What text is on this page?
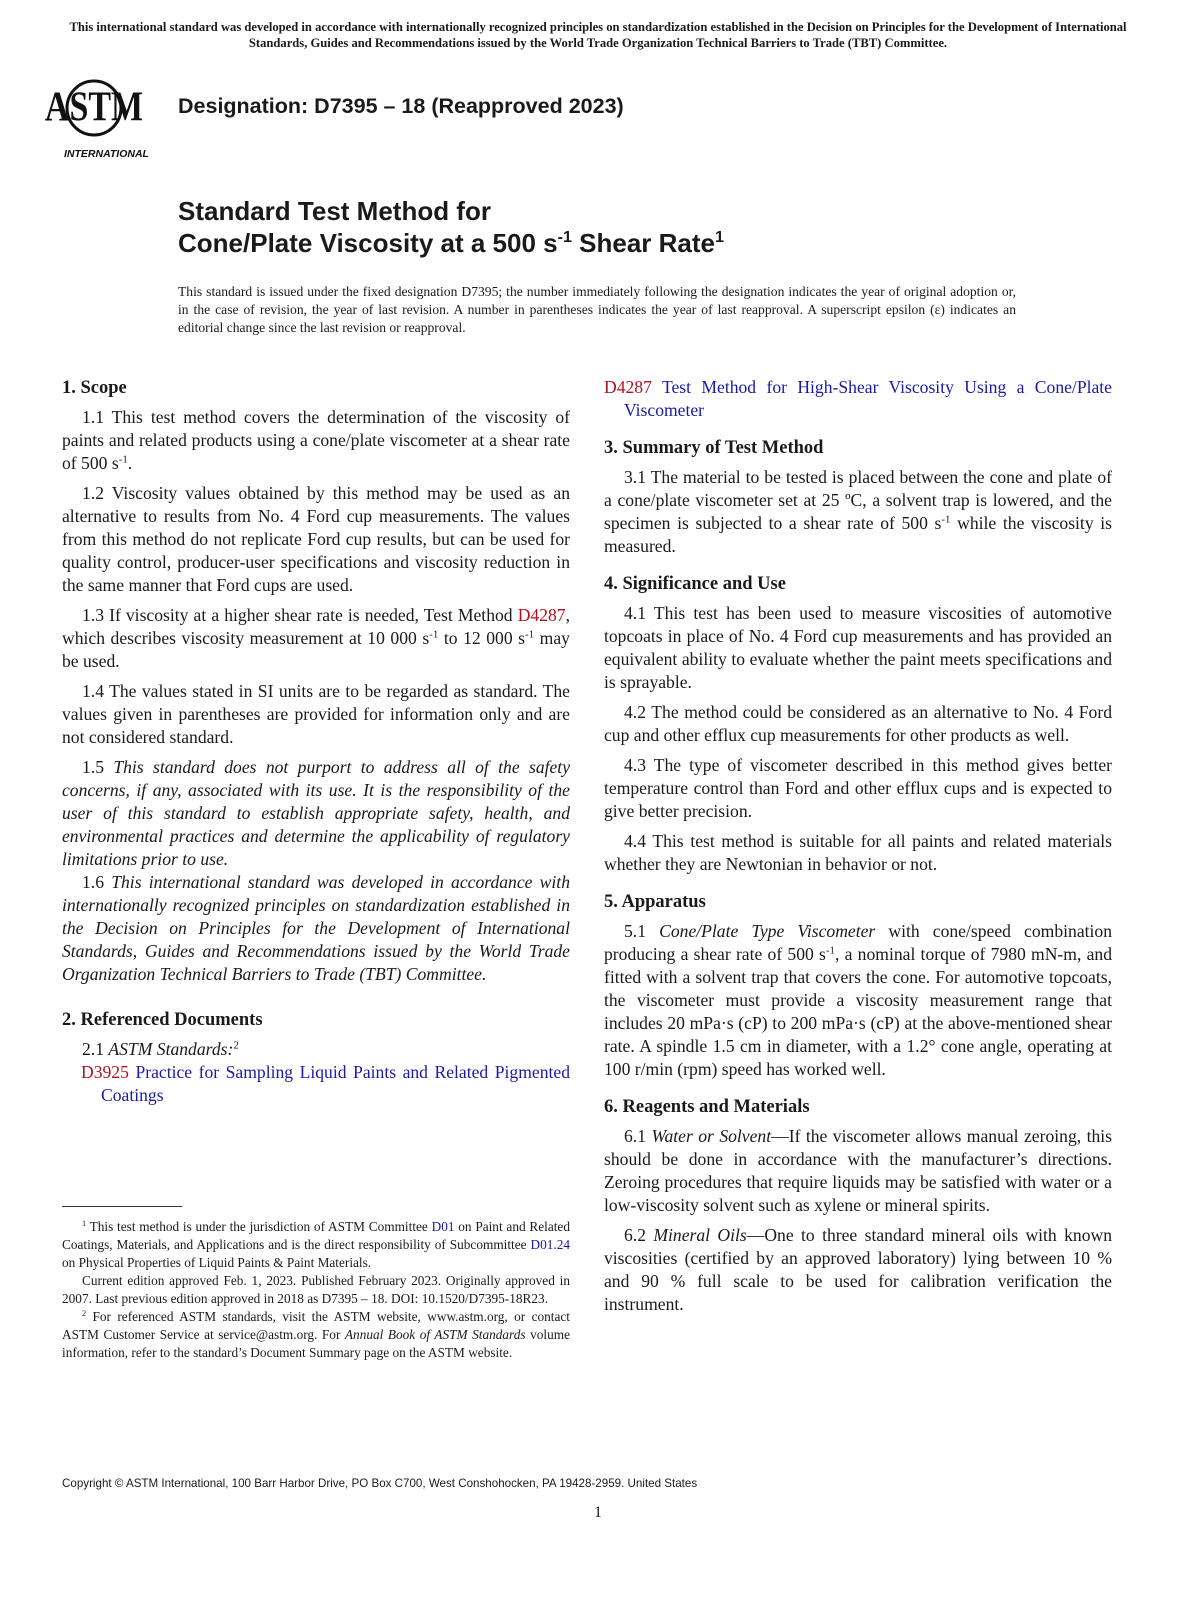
This international standard was developed in accordance with internationally recognized principles on standardization established in the Decision on Principles for the Development of International Standards, Guides and Recommendations issued by the World Trade Organization Technical Barriers to Trade (TBT) Committee.
ASTM
INTERNATIONAL
Designation: D7395 – 18 (Reapproved 2023)
Standard Test Method for
Cone/Plate Viscosity at a 500 $s^{-1}$ Shear Rate$^1$
This standard is issued under the fixed designation D7395; the number immediately following the designation indicates the year of original adoption or, in the case of revision, the year of last revision. A number in parentheses indicates the year of last reapproval. A superscript epsilon (ε) indicates an editorial change since the last revision or reapproval.
1. Scope

1.1 This test method covers the determination of the viscosity of paints and related products using a cone/plate viscometer at a shear rate of 500 $s^{-1}$.

1.2 Viscosity values obtained by this method may be used as an alternative to results from No. 4 Ford cup measurements. The values from this method do not replicate Ford cup results, but can be used for quality control, producer-user specifications and viscosity reduction in the same manner that Ford cups are used.

1.3 If viscosity at a higher shear rate is needed, Test Method D4287, which describes viscosity measurement at 10 000 $s^{-1}$ to 12 000 $s^{-1}$ may be used.

1.4 The values stated in SI units are to be regarded as standard. The values given in parentheses are provided for information only and are not considered standard.

1.5 This standard does not purport to address all of the safety concerns, if any, associated with its use. It is the responsibility of the user of this standard to establish appropriate safety, health, and environmental practices and determine the applicability of regulatory limitations prior to use.

1.6 This international standard was developed in accordance with internationally recognized principles on standardization established in the Decision on Principles for the Development of International Standards, Guides and Recommendations issued by the World Trade Organization Technical Barriers to Trade (TBT) Committee.

2. Referenced Documents
2.1 ASTM Standards:$^2$

D3925 Practice for Sampling Liquid Paints and Related Pigmented Coatings

D4287 Test Method for High-Shear Viscosity Using a Cone/Plate Viscometer

3. Summary of Test Method

3.1 The material to be tested is placed between the cone and plate of a cone/plate viscometer set at 25 ºC, a solvent trap is lowered, and the specimen is subjected to a shear rate of 500 $s^{-1}$ while the viscosity is measured.

4. Significance and Use

4.1 This test has been used to measure viscosities of automotive topcoats in place of No. 4 Ford cup measurements and has provided an equivalent ability to evaluate whether the paint meets specifications and is sprayable.

4.2 The method could be considered as an alternative to No. 4 Ford cup and other efflux cup measurements for other products as well.

4.3 The type of viscometer described in this method gives better temperature control than Ford and other efflux cups and is expected to give better precision.

4.4 This test method is suitable for all paints and related materials whether they are Newtonian in behavior or not.

5. Apparatus

5.1 Cone/Plate Type Viscometer with cone/speed combination producing a shear rate of 500 $s^{-1}$, a nominal torque of 7980 mN-m, and fitted with a solvent trap that covers the cone. For automotive topcoats, the viscometer must provide a viscosity measurement range that includes 20 mPa·s (cP) to 200 mPa·s (cP) at the above-mentioned shear rate. A spindle 1.5 cm in diameter, with a 1.2° cone angle, operating at 100 r/min (rpm) speed has worked well.

6. Reagents and Materials

6.1 Water or Solvent—If the viscometer allows manual zeroing, this should be done in accordance with the manufacturer’s directions. Zeroing procedures that require liquids may be satisfied with water or a low-viscosity solvent such as xylene or mineral spirits.

6.2 Mineral Oils—One to three standard mineral oils with known viscosities (certified by an approved laboratory) lying between 10 % and 90 % full scale to be used for calibration verification the instrument.

$^1$ This test method is under the jurisdiction of ASTM Committee D01 on Paint and Related Coatings, Materials, and Applications and is the direct responsibility of Subcommittee D01.24 on Physical Properties of Liquid Paints & Paint Materials.

Current edition approved Feb. 1, 2023. Published February 2023. Originally approved in 2007. Last previous edition approved in 2018 as D7395 – 18. DOI: 10.1520/D7395-18R23.

$^2$ For referenced ASTM standards, visit the ASTM website, www.astm.org, or contact ASTM Customer Service at service@astm.org. For Annual Book of ASTM Standards volume information, refer to the standard’s Document Summary page on the ASTM website.

Copyright © ASTM International, 100 Barr Harbor Drive, PO Box C700, West Conshohocken, PA 19428-2959. United States
1
